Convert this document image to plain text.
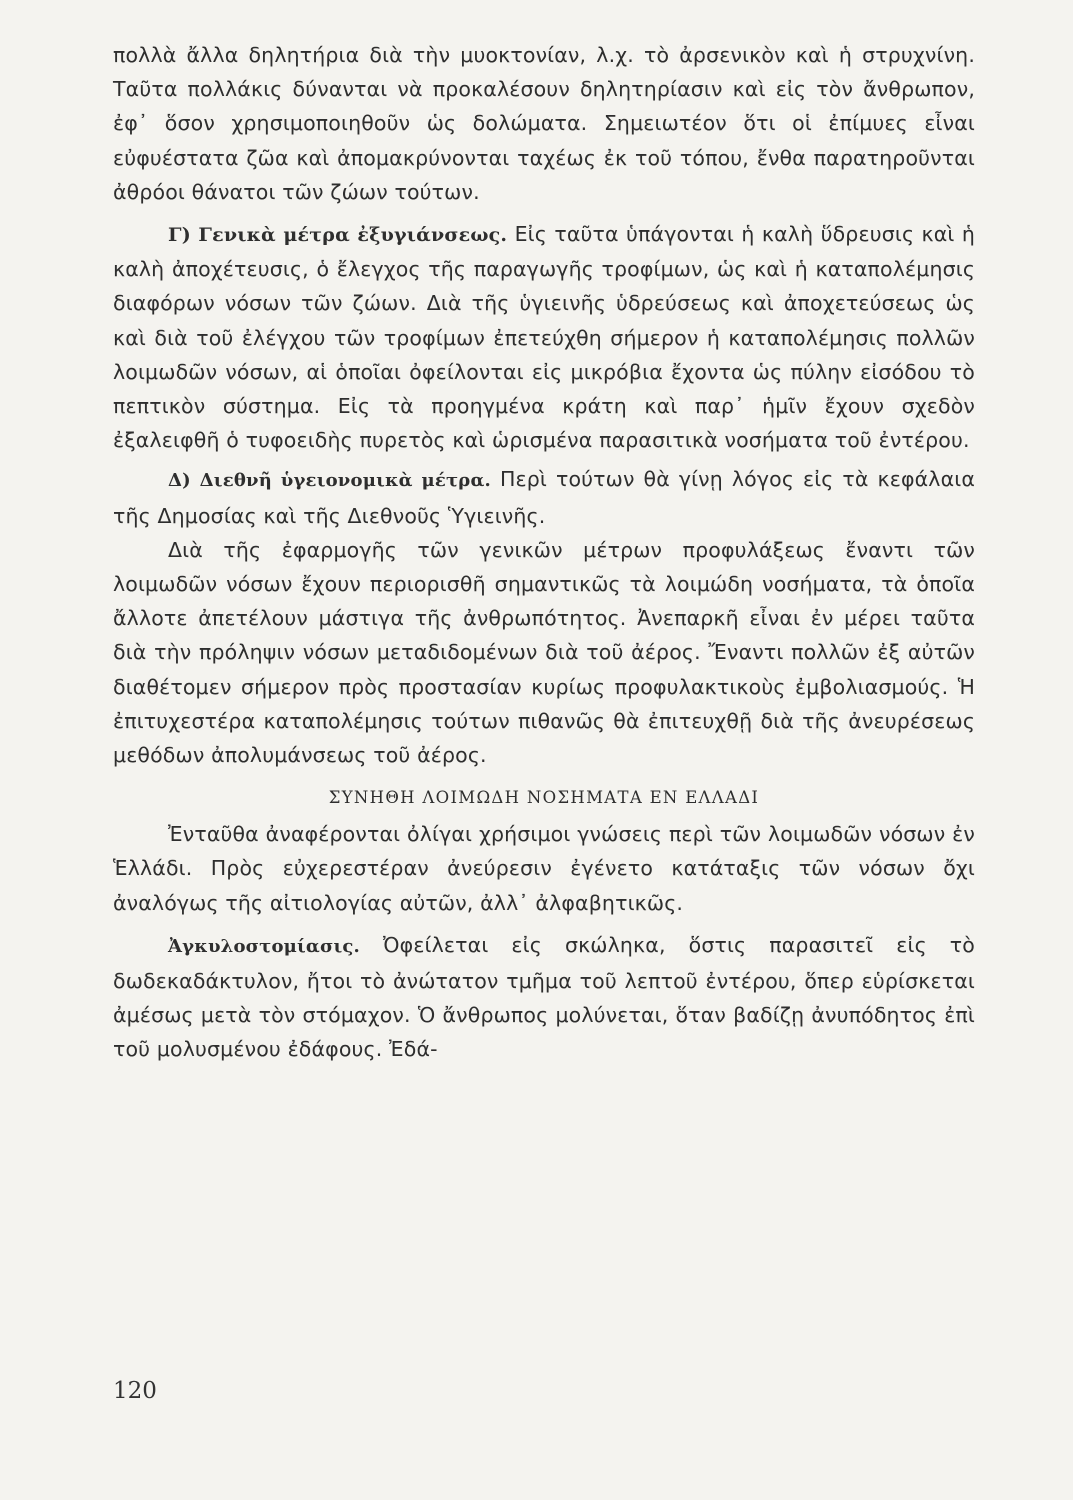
πολλὰ ἄλλα δηλητήρια διὰ τὴν μυοκτονίαν, λ.χ. τὸ ἀρσενικὸν καὶ ἡ στρυχνίνη. Ταῦτα πολλάκις δύνανται νὰ προκαλέσουν δηλητηρίασιν καὶ εἰς τὸν ἄνθρωπον, ἐφ᾽ ὅσον χρησιμοποιηθοῦν ὡς δολώματα. Σημειωτέον ὅτι οἱ ἐπίμυες εἶναι εὐφυέστατα ζῶα καὶ ἀπομακρύνονται ταχέως ἐκ τοῦ τόπου, ἔνθα παρατηροῦνται ἀθρόοι θάνατοι τῶν ζώων τούτων.

Γ) Γενικὰ μέτρα ἐξυγιάνσεως. Εἰς ταῦτα ὑπάγονται ἡ καλὴ ὕδρευσις καὶ ἡ καλὴ ἀποχέτευσις, ὁ ἔλεγχος τῆς παραγωγῆς τροφίμων, ὡς καὶ ἡ καταπολέμησις διαφόρων νόσων τῶν ζώων. Διὰ τῆς ὑγιεινῆς ὑδρεύσεως καὶ ἀποχετεύσεως ὡς καὶ διὰ τοῦ ἐλέγχου τῶν τροφίμων ἐπετεύχθη σήμερον ἡ καταπολέμησις πολλῶν λοιμωδῶν νόσων, αἱ ὁποῖαι ὀφείλονται εἰς μικρόβια ἔχοντα ὡς πύλην εἰσόδου τὸ πεπτικὸν σύστημα. Εἰς τὰ προηγμένα κράτη καὶ παρ᾽ ἡμῖν ἔχουν σχεδὸν ἐξαλειφθῆ ὁ τυφοειδὴς πυρετὸς καὶ ὡρισμένα παρασιτικὰ νοσήματα τοῦ ἐντέρου.

Δ) Διεθνῆ ὑγειονομικὰ μέτρα. Περὶ τούτων θὰ γίνῃ λόγος εἰς τὰ κεφάλαια τῆς Δημοσίας καὶ τῆς Διεθνοῦς Ὑγιεινῆς.

Διὰ τῆς ἐφαρμογῆς τῶν γενικῶν μέτρων προφυλάξεως ἔναντι τῶν λοιμωδῶν νόσων ἔχουν περιορισθῆ σημαντικῶς τὰ λοιμώδη νοσήματα, τὰ ὁποῖα ἄλλοτε ἀπετέλουν μάστιγα τῆς ἀνθρωπότητος. Ἀνεπαρκῆ εἶναι ἐν μέρει ταῦτα διὰ τὴν πρόληψιν νόσων μεταδιδομένων διὰ τοῦ ἀέρος. Ἔναντι πολλῶν ἐξ αὐτῶν διαθέτομεν σήμερον πρὸς προστασίαν κυρίως προφυλακτικοὺς ἐμβολιασμούς. Ἡ ἐπιτυχεστέρα καταπολέμησις τούτων πιθανῶς θὰ ἐπιτευχθῇ διὰ τῆς ἀνευρέσεως μεθόδων ἀπολυμάνσεως τοῦ ἀέρος.

ΣΥΝΗΘΗ ΛΟΙΜΩΔΗ ΝΟΣΗΜΑΤΑ ΕΝ ΕΛΛΑΔΙ

Ἐνταῦθα ἀναφέρονται ὀλίγαι χρήσιμοι γνώσεις περὶ τῶν λοιμωδῶν νόσων ἐν Ἑλλάδι. Πρὸς εὐχερεστέραν ἀνεύρεσιν ἐγένετο κατάταξις τῶν νόσων ὄχι ἀναλόγως τῆς αἰτιολογίας αὐτῶν, ἀλλ᾽ ἀλφαβητικῶς.

Ἀγκυλοστομίασις. Ὀφείλεται εἰς σκώληκα, ὅστις παρασιτεῖ εἰς τὸ δωδεκαδάκτυλον, ἤτοι τὸ ἀνώτατον τμῆμα τοῦ λεπτοῦ ἐντέρου, ὅπερ εὑρίσκεται ἀμέσως μετὰ τὸν στόμαχον. Ὁ ἄνθρωπος μολύνεται, ὅταν βαδίζῃ ἀνυπόδητος ἐπὶ τοῦ μολυσμένου ἐδάφους. Ἐδά-

120
